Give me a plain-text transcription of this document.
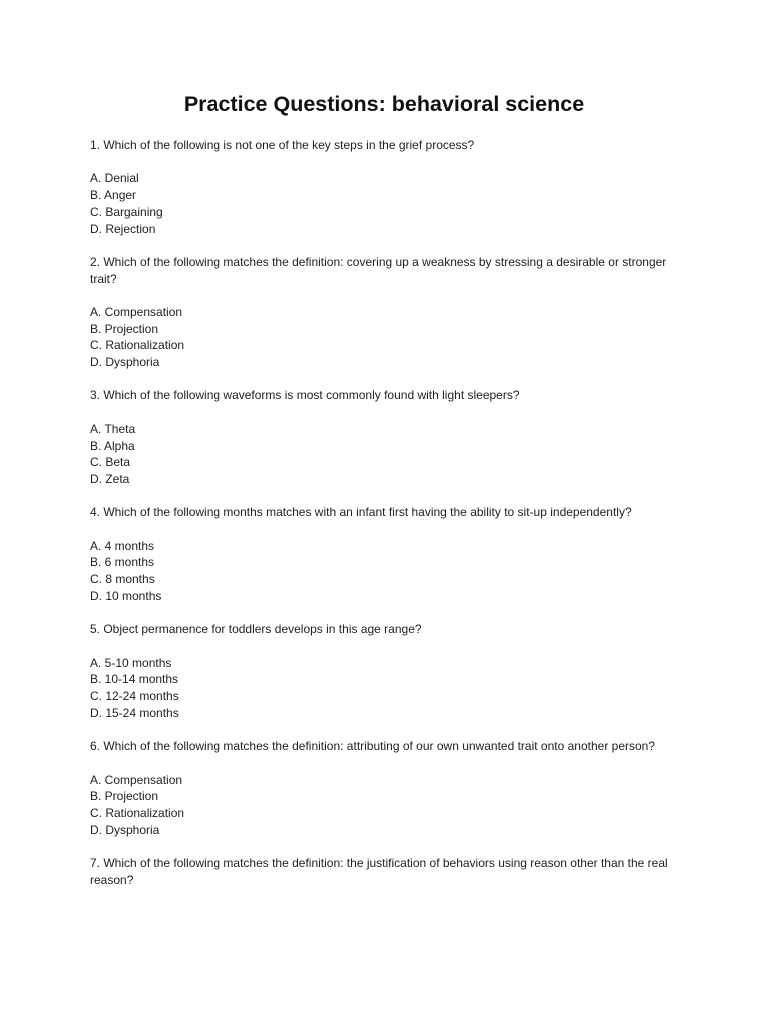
Practice Questions: behavioral science

1. Which of the following is not one of the key steps in the grief process?

A. Denial
B. Anger
C. Bargaining
D. Rejection

2. Which of the following matches the definition: covering up a weakness by stressing a desirable or stronger trait?

A. Compensation
B. Projection
C. Rationalization
D. Dysphoria

3. Which of the following waveforms is most commonly found with light sleepers?

A. Theta
B. Alpha
C. Beta
D. Zeta

4. Which of the following months matches with an infant first having the ability to sit-up independently?

A. 4 months
B. 6 months
C. 8 months
D. 10 months

5. Object permanence for toddlers develops in this age range?

A. 5-10 months
B. 10-14 months
C. 12-24 months
D. 15-24 months

6. Which of the following matches the definition: attributing of our own unwanted trait onto another person?

A. Compensation
B. Projection
C. Rationalization
D. Dysphoria

7. Which of the following matches the definition: the justification of behaviors using reason other than the real reason?
